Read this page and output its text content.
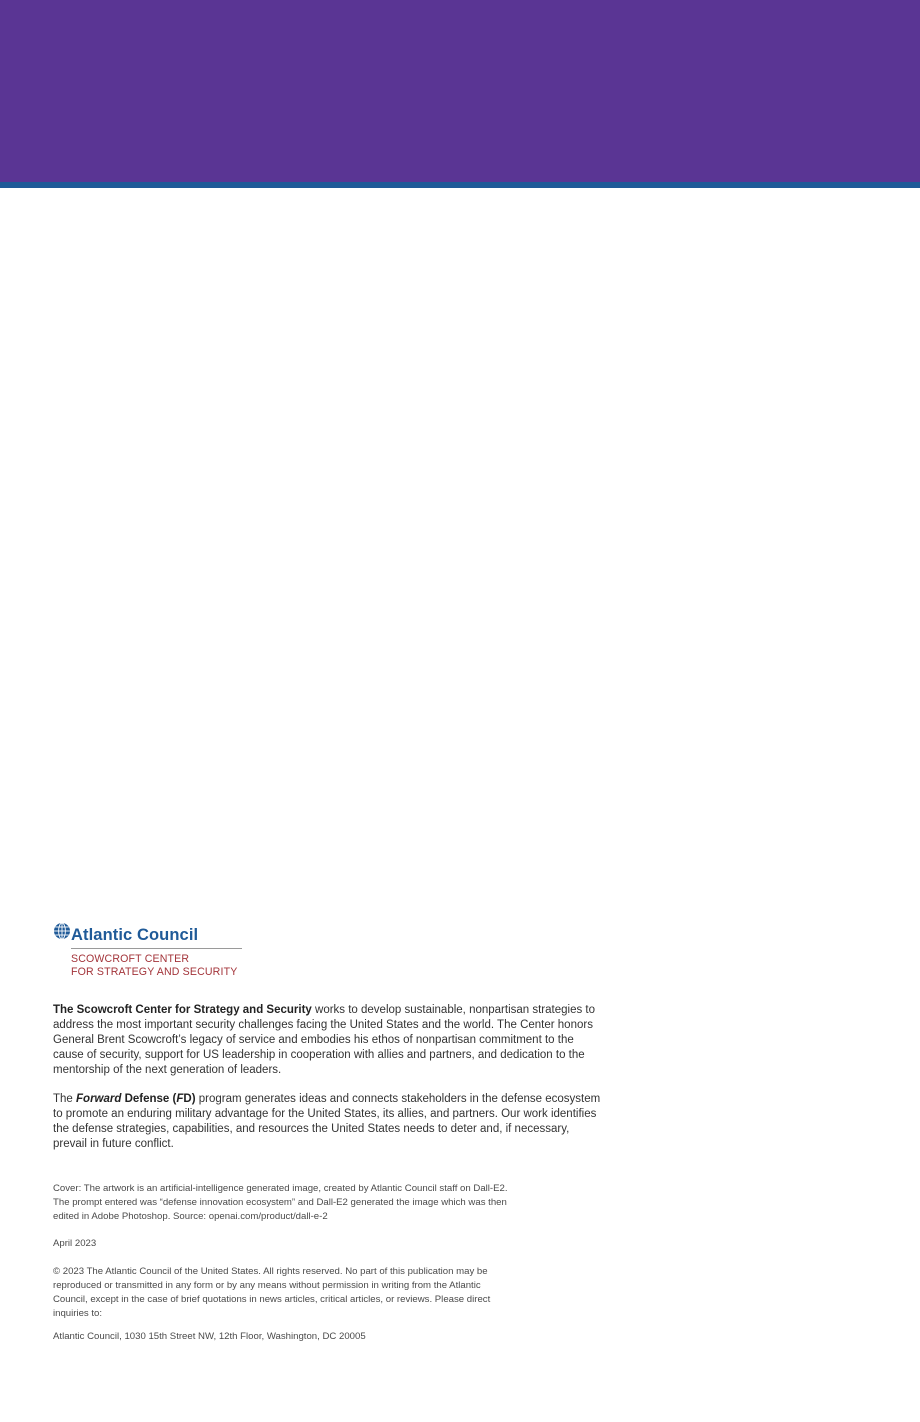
Atlantic Council
SCOWCROFT CENTER
FOR STRATEGY AND SECURITY

The Scowcroft Center for Strategy and Security works to develop sustainable, nonpartisan strategies to address the most important security challenges facing the United States and the world. The Center honors General Brent Scowcroft’s legacy of service and embodies his ethos of nonpartisan commitment to the cause of security, support for US leadership in cooperation with allies and partners, and dedication to the mentorship of the next generation of leaders.

The Forward Defense (FD) program generates ideas and connects stakeholders in the defense ecosystem to promote an enduring military advantage for the United States, its allies, and partners. Our work identifies the defense strategies, capabilities, and resources the United States needs to deter and, if necessary, prevail in future conflict.

Cover: The artwork is an artificial-intelligence generated image, created by Atlantic Council staff on Dall-E2. The prompt entered was “defense innovation ecosystem” and Dall-E2 generated the image which was then edited in Adobe Photoshop. Source: openai.com/product/dall-e-2

April 2023

© 2023 The Atlantic Council of the United States. All rights reserved. No part of this publication may be reproduced or transmitted in any form or by any means without permission in writing from the Atlantic Council, except in the case of brief quotations in news articles, critical articles, or reviews. Please direct inquiries to:

Atlantic Council, 1030 15th Street NW, 12th Floor, Washington, DC 20005
